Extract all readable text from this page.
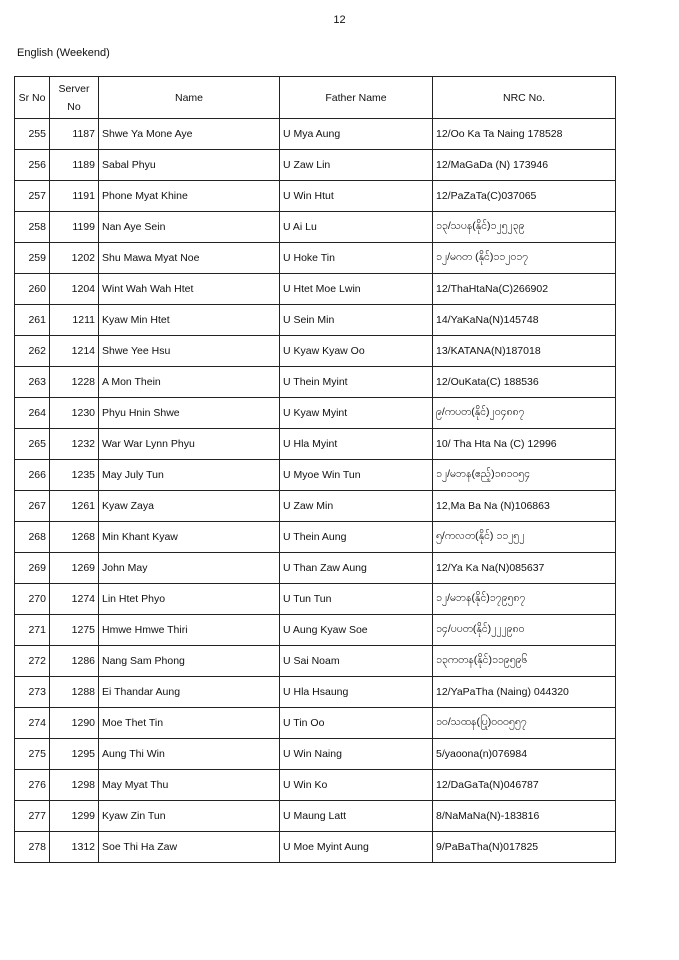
12
English (Weekend)
Sr No	Server
No	Name	Father Name	NRC No.
255	1187	Shwe Ya Mone Aye	U Mya Aung	12/Oo Ka Ta Naing 178528
256	1189	Sabal Phyu	U Zaw Lin	12/MaGaDa (N) 173946
257	1191	Phone Myat Khine	U Win Htut	12/PaZaTa(C)037065
258	1199	Nan Aye Sein	U Ai Lu	၁၃/သပန(နိုင်)၁၂၅၂၃၉
259	1202	Shu Mawa Myat Noe	U Hoke Tin	၁၂/မဂတ (နိုင်)၁၁၂၀၁၇
260	1204	Wint Wah Wah Htet	U Htet Moe Lwin	12/ThaHtaNa(C)266902
261	1211	Kyaw Min Htet	U Sein Min	14/YaKaNa(N)145748
262	1214	Shwe Yee Hsu	U Kyaw Kyaw Oo	13/KATANA(N)187018
263	1228	A Mon Thein	U Thein Myint	12/OuKata(C) 188536
264	1230	Phyu Hnin Shwe	U Kyaw Myint	၉/ကပတ(နိုင်)၂၀၄၈၈၇
265	1232	War War Lynn Phyu	U Hla Myint	10/ Tha Hta Na (C) 12996
266	1235	May July Tun	U Myoe Win Tun	၁၂/မဘန(ဧည့်)၁၈၁၀၅၄
267	1261	Kyaw Zaya	U Zaw Min	12,Ma Ba Na (N)106863
268	1268	Min Khant Kyaw	U Thein Aung	၅/ကလတ(နိုင်) ၁၁၂၅၂
269	1269	John May	U Than Zaw Aung	12/Ya Ka Na(N)085637
270	1274	Lin Htet Phyo	U Tun Tun	၁၂/မဘန(နိုင်)၁၇၉၅၈၇
271	1275	Hmwe Hmwe Thiri	U Aung Kyaw Soe	၁၄/ပပတ(နိုင်)၂၂၂၉၈၀
272	1286	Nang Sam Phong	U Sai Noam	၁၃ကတန(နိုင်)၁၁၉၅၉၆
273	1288	Ei Thandar Aung	U Hla Hsaung	12/YaPaTha (Naing) 044320
274	1290	Moe Thet Tin	U Tin Oo	၁၀/သထန(ပြု)၀၀၀၅၅၇
275	1295	Aung Thi Win	U Win Naing	5/yaoona(n)076984
276	1298	May Myat Thu	U Win Ko	12/DaGaTa(N)046787
277	1299	Kyaw Zin Tun	U Maung Latt	8/NaMaNa(N)-183816
278	1312	Soe Thi Ha Zaw	U Moe Myint Aung	9/PaBaTha(N)017825
